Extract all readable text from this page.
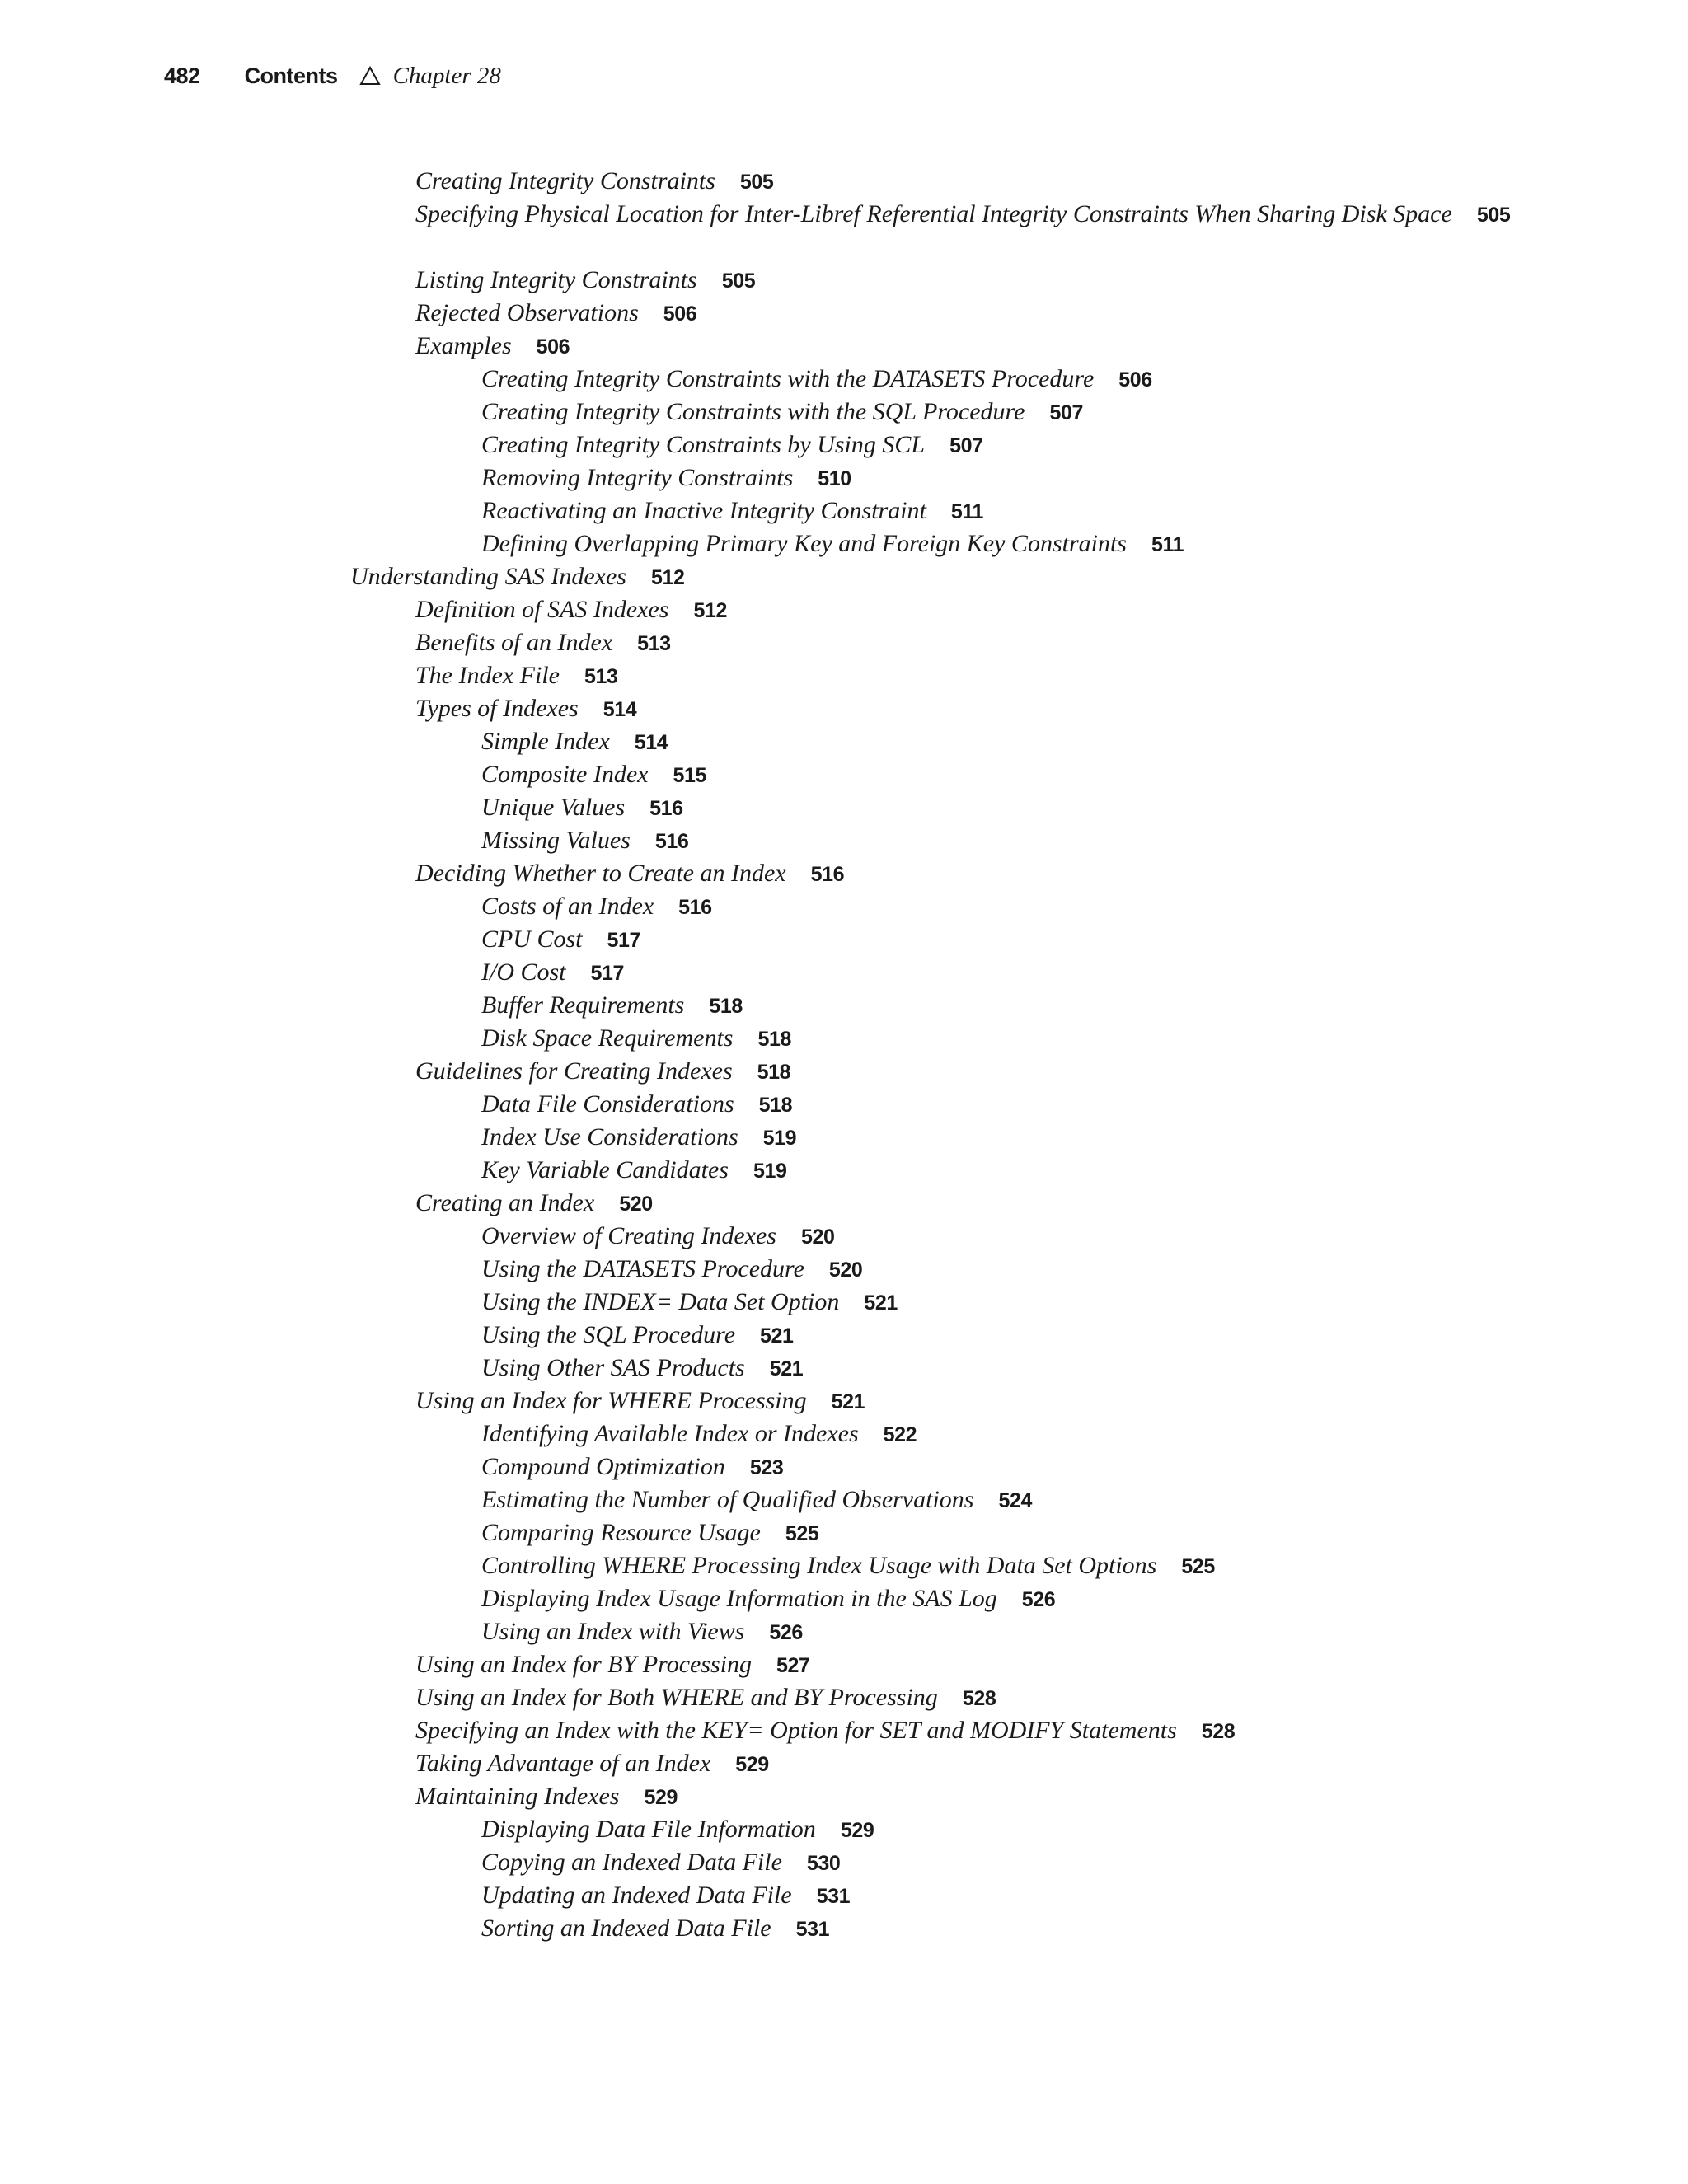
482 Contents Chapter 28
Creating Integrity Constraints 505
Specifying Physical Location for Inter-Libref Referential Integrity Constraints When Sharing Disk Space 505
Listing Integrity Constraints 505
Rejected Observations 506
Examples 506
Creating Integrity Constraints with the DATASETS Procedure 506
Creating Integrity Constraints with the SQL Procedure 507
Creating Integrity Constraints by Using SCL 507
Removing Integrity Constraints 510
Reactivating an Inactive Integrity Constraint 511
Defining Overlapping Primary Key and Foreign Key Constraints 511
Understanding SAS Indexes 512
Definition of SAS Indexes 512
Benefits of an Index 513
The Index File 513
Types of Indexes 514
Simple Index 514
Composite Index 515
Unique Values 516
Missing Values 516
Deciding Whether to Create an Index 516
Costs of an Index 516
CPU Cost 517
I/O Cost 517
Buffer Requirements 518
Disk Space Requirements 518
Guidelines for Creating Indexes 518
Data File Considerations 518
Index Use Considerations 519
Key Variable Candidates 519
Creating an Index 520
Overview of Creating Indexes 520
Using the DATASETS Procedure 520
Using the INDEX= Data Set Option 521
Using the SQL Procedure 521
Using Other SAS Products 521
Using an Index for WHERE Processing 521
Identifying Available Index or Indexes 522
Compound Optimization 523
Estimating the Number of Qualified Observations 524
Comparing Resource Usage 525
Controlling WHERE Processing Index Usage with Data Set Options 525
Displaying Index Usage Information in the SAS Log 526
Using an Index with Views 526
Using an Index for BY Processing 527
Using an Index for Both WHERE and BY Processing 528
Specifying an Index with the KEY= Option for SET and MODIFY Statements 528
Taking Advantage of an Index 529
Maintaining Indexes 529
Displaying Data File Information 529
Copying an Indexed Data File 530
Updating an Indexed Data File 531
Sorting an Indexed Data File 531
